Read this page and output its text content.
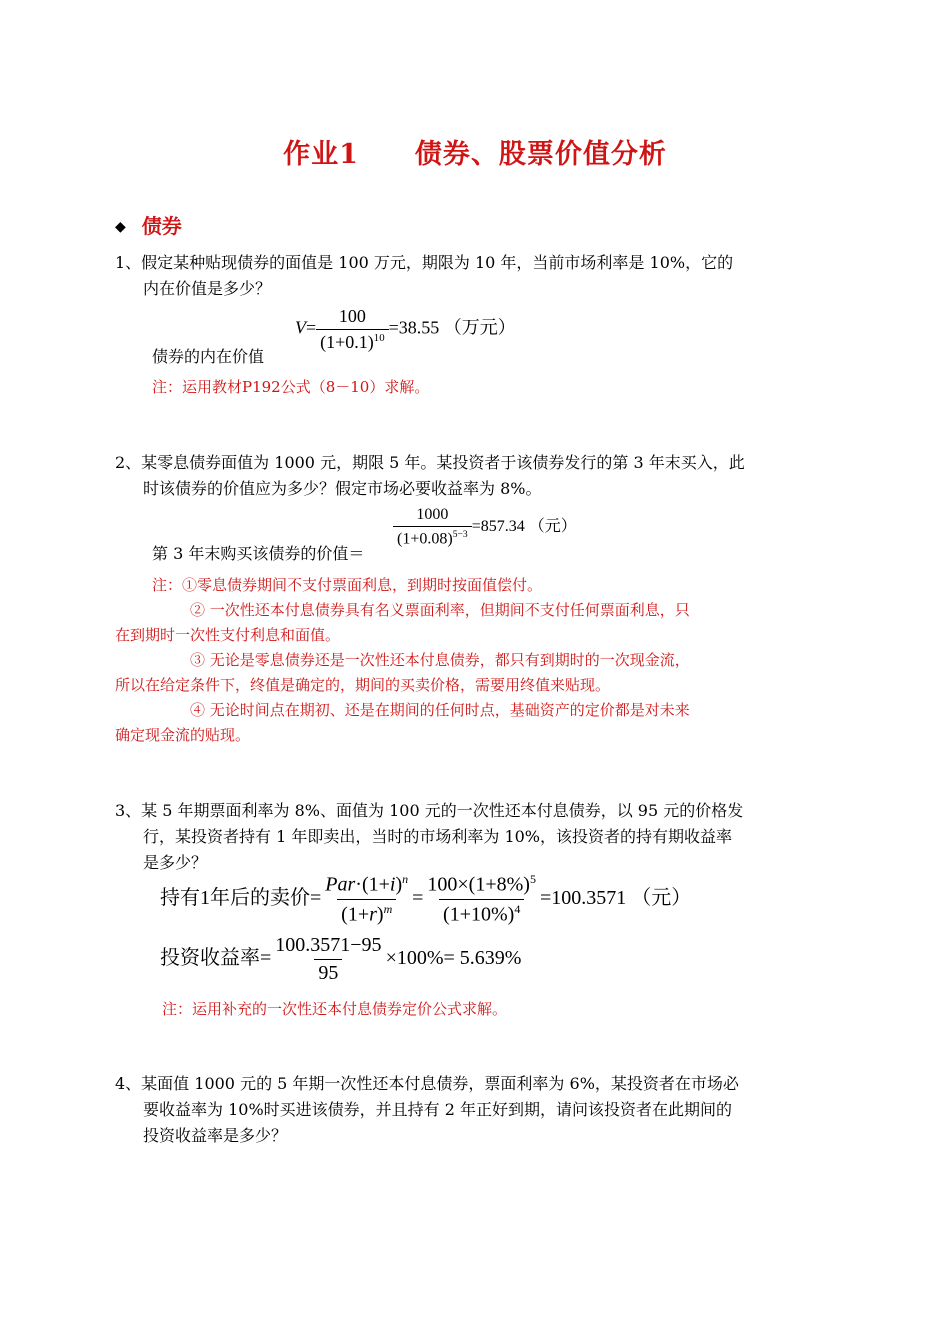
作业1 债券、股票价值分析
◆ 债券
1、假定某种贴现债券的面值是 100 万元，期限为 10 年，当前市场利率是 10%，它的
内在价值是多少？
$V= \frac{100}{(1+0.1)^{10}} =38.55$ （万元）
债券的内在价值
注：运用教材P192公式（8－10）求解。
2、某零息债券面值为 1000 元，期限 5 年。某投资者于该债券发行的第 3 年末买入，此
时该债券的价值应为多少？假定市场必要收益率为 8%。
$\frac{1000}{(1+0.08)^{5-3}} =857.34$ （元）
第 3 年末购买该债券的价值＝
注：①零息债券期间不支付票面利息，到期时按面值偿付。
② 一次性还本付息债券具有名义票面利率，但期间不支付任何票面利息，只
在到期时一次性支付利息和面值。
③ 无论是零息债券还是一次性还本付息债券，都只有到期时的一次现金流，
所以在给定条件下，终值是确定的，期间的买卖价格，需要用终值来贴现。
④ 无论时间点在期初、还是在期间的任何时点，基础资产的定价都是对未来
确定现金流的贴现。
3、某 5 年期票面利率为 8%、面值为 100 元的一次性还本付息债券，以 95 元的价格发
行，某投资者持有 1 年即卖出，当时的市场利率为 10%，该投资者的持有期收益率
是多少？
持有1年后的卖价= $\frac{Par\cdot(1+i)^n}{(1+r)^m} = \frac{100\times(1+8\%)^5}{(1+10\%)^4} =100.3571$ （元）
投资收益率= $\frac{100.3571-95}{95} \times 100\%= 5.639\%$
注：运用补充的一次性还本付息债券定价公式求解。
4、某面值 1000 元的 5 年期一次性还本付息债券，票面利率为 6%，某投资者在市场必
要收益率为 10%时买进该债券，并且持有 2 年正好到期，请问该投资者在此期间的
投资收益率是多少？
